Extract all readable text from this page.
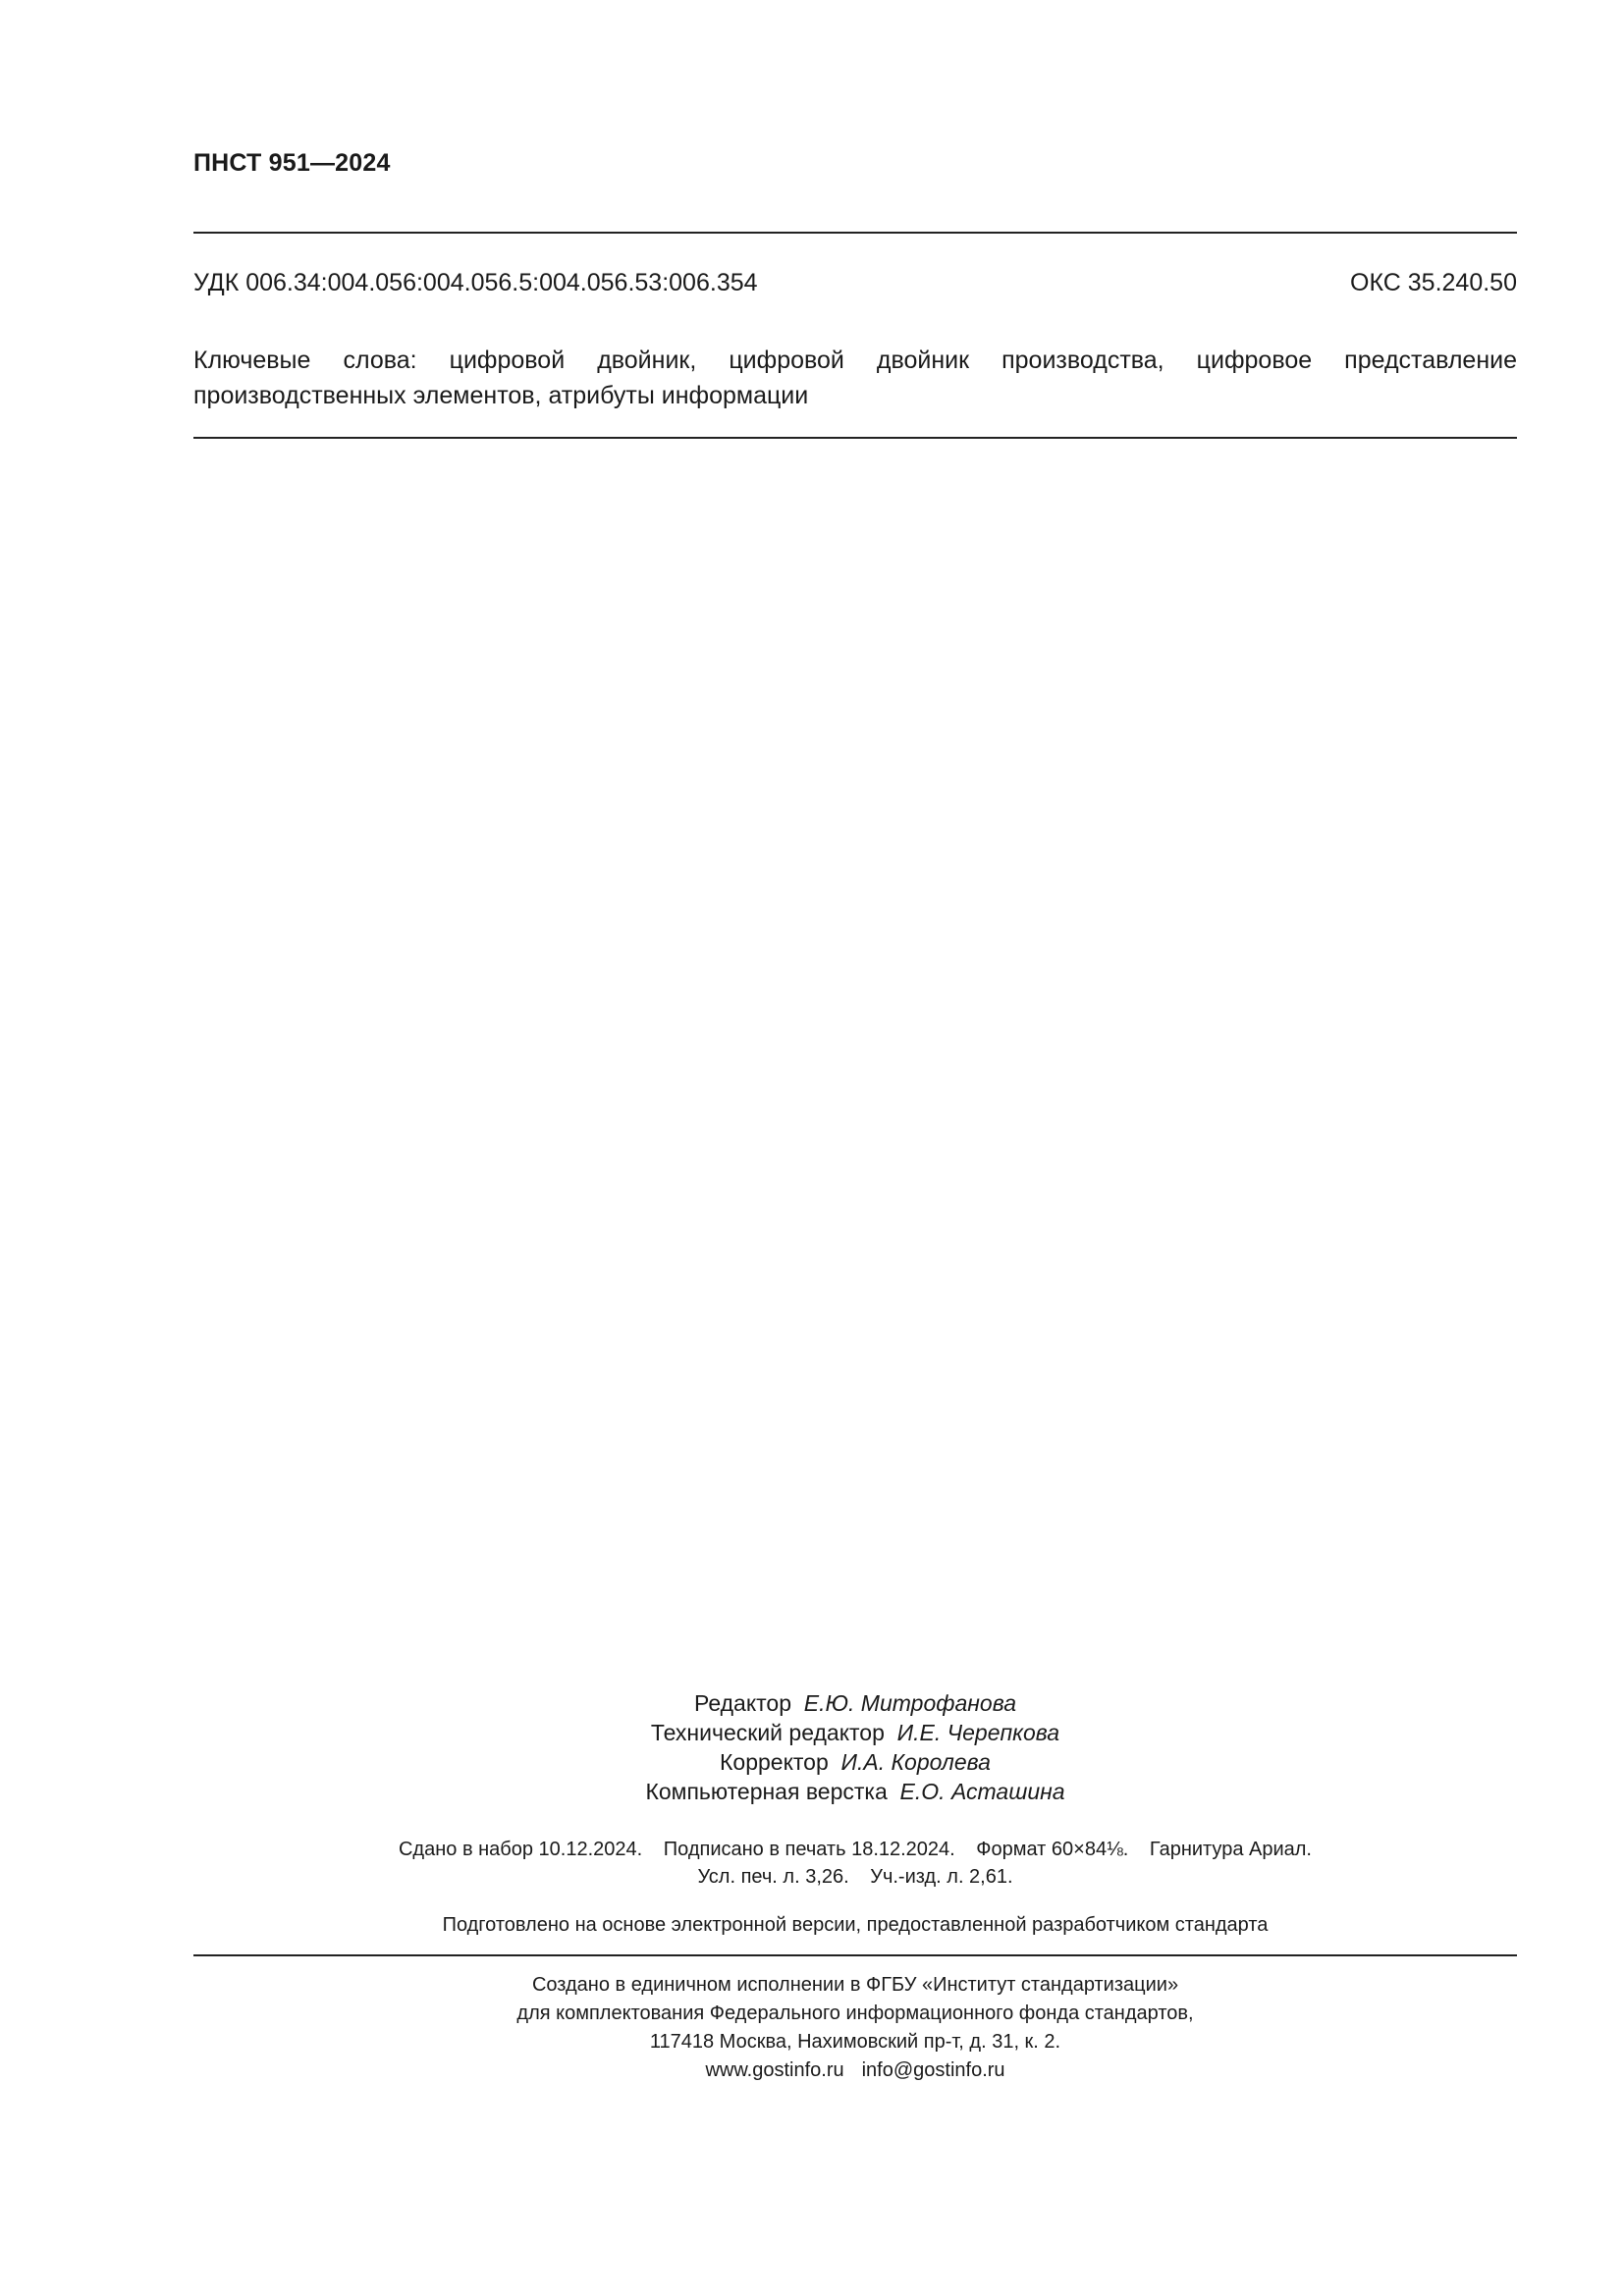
ПНСТ 951—2024
УДК 006.34:004.056:004.056.5:004.056.53:006.354	ОКС 35.240.50
Ключевые слова: цифровой двойник, цифровой двойник производства, цифровое представление производственных элементов, атрибуты информации
Редактор Е.Ю. Митрофанова
Технический редактор И.Е. Черепкова
Корректор И.А. Королева
Компьютерная верстка Е.О. Асташина
Сдано в набор 10.12.2024. Подписано в печать 18.12.2024. Формат 60×84⅛. Гарнитура Ариал.
Усл. печ. л. 3,26. Уч.-изд. л. 2,61.
Подготовлено на основе электронной версии, предоставленной разработчиком стандарта
Создано в единичном исполнении в ФГБУ «Институт стандартизации»
для комплектования Федерального информационного фонда стандартов,
117418 Москва, Нахимовский пр-т, д. 31, к. 2.
www.gostinfo.ru info@gostinfo.ru
